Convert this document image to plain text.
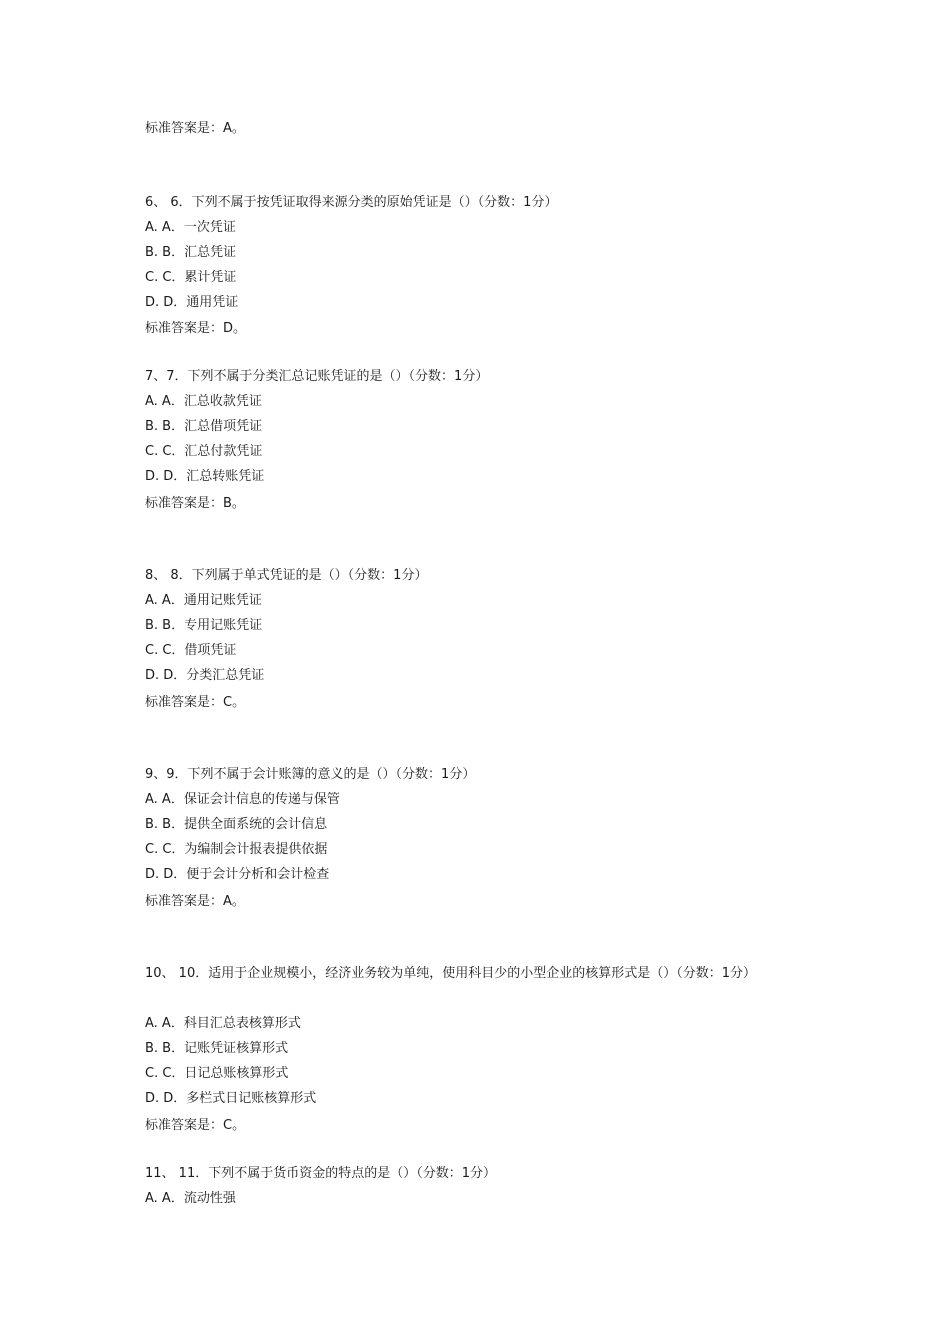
标准答案是：A。
6、 6．下列不属于按凭证取得来源分类的原始凭证是（）（分数：1分）
A. A．一次凭证
B. B．汇总凭证
C. C．累计凭证
D. D．通用凭证
标准答案是：D。
7、7．下列不属于分类汇总记账凭证的是（）（分数：1分）
A. A．汇总收款凭证
B. B．汇总借项凭证
C. C．汇总付款凭证
D. D．汇总转账凭证
标准答案是：B。
8、 8．下列属于单式凭证的是（）（分数：1分）
A. A．通用记账凭证
B. B．专用记账凭证
C. C．借项凭证
D. D．分类汇总凭证
标准答案是：C。
9、9．下列不属于会计账簿的意义的是（）（分数：1分）
A. A．保证会计信息的传递与保管
B. B．提供全面系统的会计信息
C. C．为编制会计报表提供依据
D. D．便于会计分析和会计检查
标准答案是：A。
10、 10．适用于企业规模小，经济业务较为单纯，使用科目少的小型企业的核算形式是（）（分数：1分）
A. A．科目汇总表核算形式
B. B．记账凭证核算形式
C. C．日记总账核算形式
D. D．多栏式日记账核算形式
标准答案是：C。
11、 11．下列不属于货币资金的特点的是（）（分数：1分）
A. A．流动性强
